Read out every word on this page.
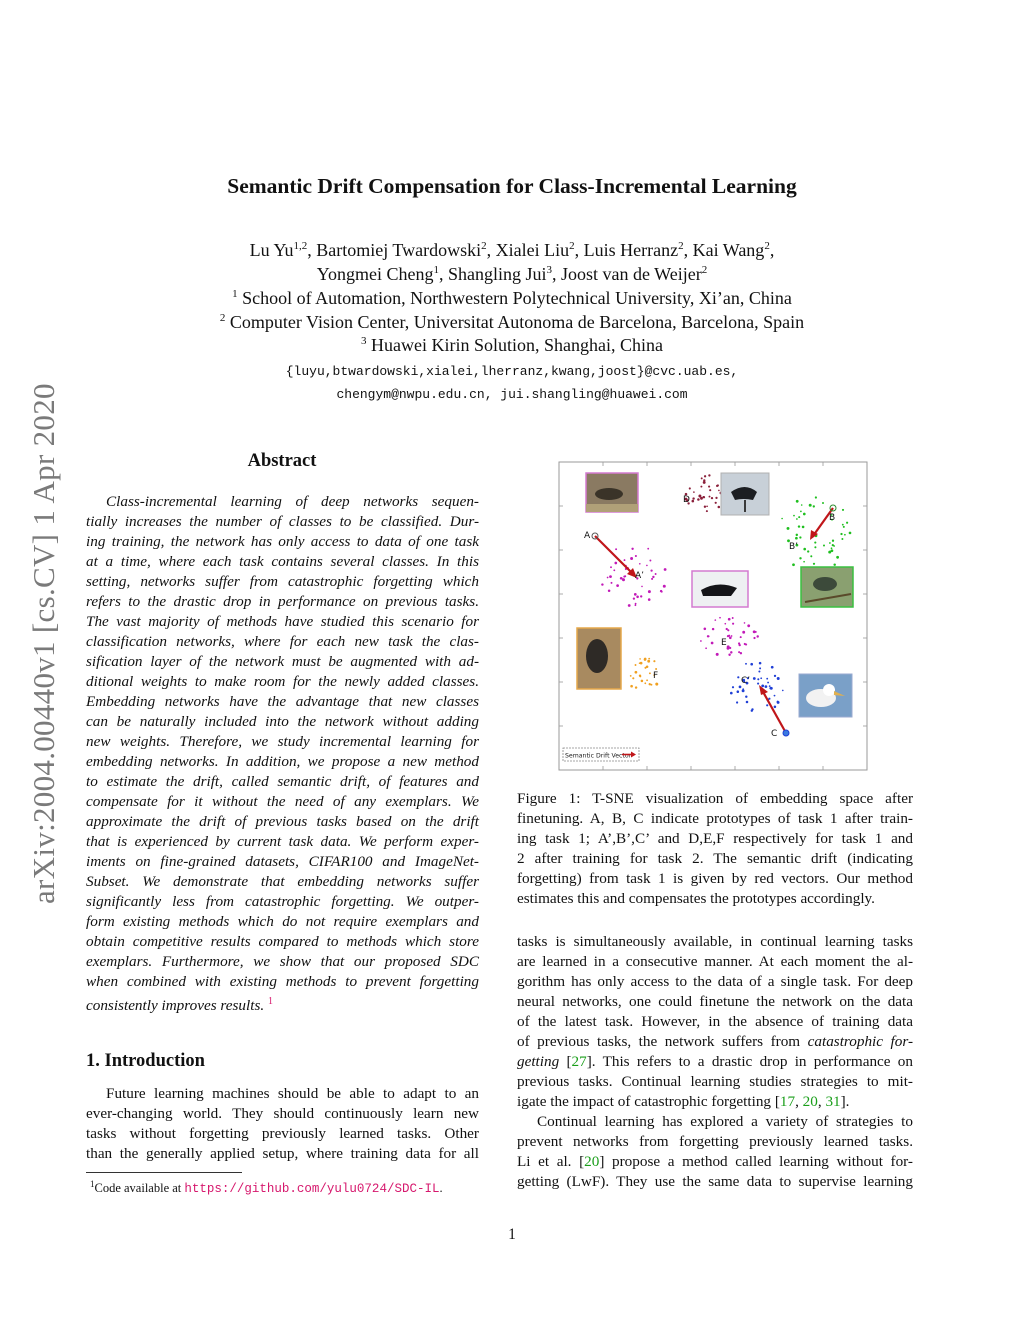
arXiv:2004.00440v1 [cs.CV] 1 Apr 2020
Semantic Drift Compensation for Class-Incremental Learning
Lu Yu$^{1,2}$, Bartomiej Twardowski$^2$, Xialei Liu$^2$, Luis Herranz$^2$, Kai Wang$^2$,
Yongmei Cheng$^1$, Shangling Jui$^3$, Joost van de Weijer$^2$
$^1$ School of Automation, Northwestern Polytechnical University, Xi’an, China
$^2$ Computer Vision Center, Universitat Autonoma de Barcelona, Barcelona, Spain
$^3$ Huawei Kirin Solution, Shanghai, China
{luyu,btwardowski,xialei,lherranz,kwang,joost}@cvc.uab.es,
chengym@nwpu.edu.cn, jui.shangling@huawei.com
Abstract
Class-incremental learning of deep networks sequen-
tially increases the number of classes to be classified. Dur-
ing training, the network has only access to data of one task
at a time, where each task contains several classes. In this
setting, networks suffer from catastrophic forgetting which
refers to the drastic drop in performance on previous tasks.
The vast majority of methods have studied this scenario for
classification networks, where for each new task the clas-
sification layer of the network must be augmented with ad-
ditional weights to make room for the newly added classes.
Embedding networks have the advantage that new classes
can be naturally included into the network without adding
new weights. Therefore, we study incremental learning for
embedding networks. In addition, we propose a new method
to estimate the drift, called semantic drift, of features and
compensate for it without the need of any exemplars. We
approximate the drift of previous tasks based on the drift
that is experienced by current task data. We perform exper-
iments on fine-grained datasets, CIFAR100 and ImageNet-
Subset. We demonstrate that embedding networks suffer
significantly less from catastrophic forgetting. We outper-
form existing methods which do not require exemplars and
obtain competitive results compared to methods which store
exemplars. Furthermore, we show that our proposed SDC
when combined with existing methods to prevent forgetting
consistently improves results. $^1$
1. Introduction
Future learning machines should be able to adapt to an
ever-changing world. They should continuously learn new
tasks without forgetting previously learned tasks. Other
than the generally applied setup, where training data for all
$^1$Code available at https://github.com/yulu0724/SDC-IL.
A
A’
B
B’
C
C’
D
E
F
Semantic Drift Vector
Figure 1: T-SNE visualization of embedding space after
finetuning. A, B, C indicate prototypes of task 1 after train-
ing task 1; A’,B’,C’ and D,E,F respectively for task 1 and
2 after training for task 2. The semantic drift (indicating
forgetting) from task 1 is given by red vectors. Our method
estimates this and compensates the prototypes accordingly.
tasks is simultaneously available, in continual learning tasks
are learned in a consecutive manner. At each moment the al-
gorithm has only access to the data of a single task. For deep
neural networks, one could finetune the network on the data
of the latest task. However, in the absence of training data
of previous tasks, the network suffers from catastrophic for-
getting [27]. This refers to a drastic drop in performance on
previous tasks. Continual learning studies strategies to mit-
igate the impact of catastrophic forgetting [17, 20, 31].
Continual learning has explored a variety of strategies to
prevent networks from forgetting previously learned tasks.
Li et al. [20] propose a method called learning without for-
getting (LwF). They use the same data to supervise learning
1
